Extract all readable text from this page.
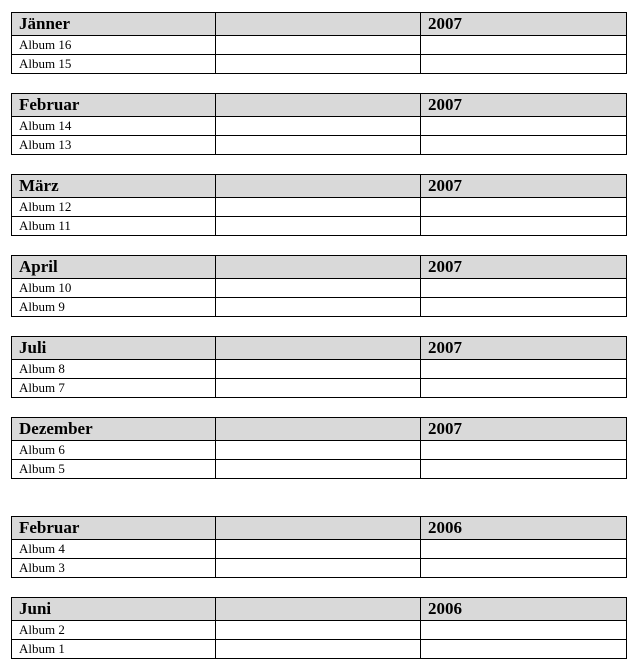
Jänner		2007
Album 16		
Album 15		
Februar		2007
Album 14		
Album 13		
März		2007
Album 12		
Album 11		
April		2007
Album 10		
Album 9		
Juli		2007
Album 8		
Album 7		
Dezember		2007
Album 6		
Album 5		
Februar		2006
Album 4		
Album 3		
Juni		2006
Album 2		
Album 1		
